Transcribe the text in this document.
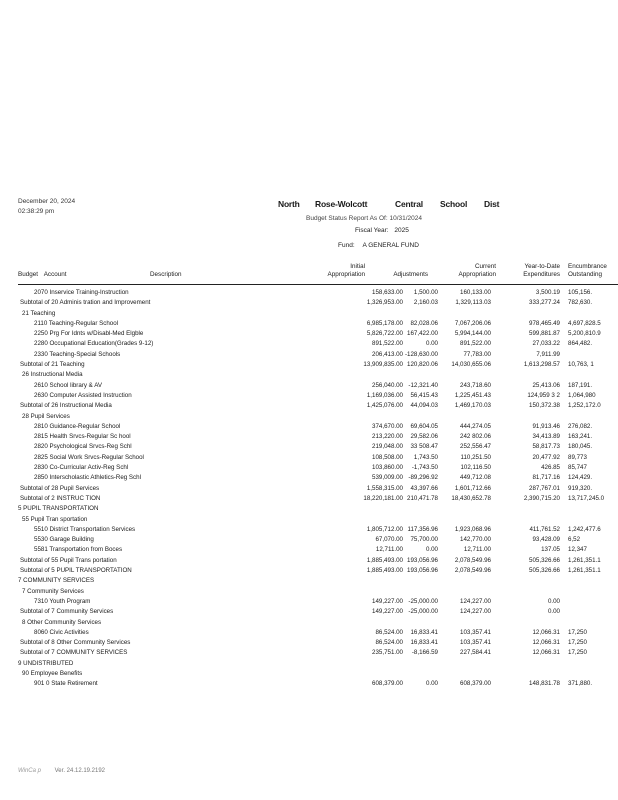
December 20, 2024
02:38:29 pm
North Rose-Wolcott	Central School Dist
Budget Status Report As Of: 10/31/2024
Fiscal Year: 2025
Fund: A GENERAL FUND
Budget Account	Description
Initial
Appropriation	Adjustments
Current
Appropriation
Year-to-Date
Expenditures
Encumbrance
Outstanding
2070 Inservice Training-Instruction	158,633.00 1,500.00	160,133.00	3,500.19 105,156.
Subtotal of 20 Adminis tration and Improvement	1,326,953.00 2,160.03	1,329,113.03	333,277.24 782,630.
21 Teaching
2110 Teaching-Regular School	6,985,178.00 82,028.06	7,067,206.06	978,465.49 4,697,828.5
2250 Prg For Idnts w/Disabl-Med Elgble	5,826,722.00 167,422.00	5,994,144.00	599,881.87 5,200,810.9
2280 Occupational Education(Grades 9-12)	891,522.00	0.00	891,522.00	27,033.22 864,482.
2330 Teaching-Special Schools	206,413.00 -128,630.00	77,783.00	7,911.99
Subtotal of 21 Teaching	13,909,835.00 120,820.06 14,030,655.06	1,613,298.57 10,763, 1
26 Instructional Media
2610 School library & AV	256,040.00 -12,321.40	243,718.60	25,413.06 187,191.
2630 Computer Assisted Instruction	1,169,036.00 56,415.43	1,225,451.43	124,959 3 2 1,064,980
Subtotal of 26 Instructional Media	1,425,076.00 44,094.03	1,469,170.03	150,372.38 1,252,172.0
28 Pupil Services
2810 Guidance-Regular School	374,670.00 69,604.05	444,274.05	91,913.46 276,082.
2815 Health Srvcs-Regular Sc hool	213,220.00 29,582.06	242 802.06	34,413.89 163,241.
2820 Psychological Srvcs-Reg Schl	219,048.00 33 508.47	252,556.47	58,817.73 180,045.
2825 Social Work Srvcs-Regular School	108,508.00 1,743.50	110,251.50	20,477.92 89,773
2830 Co-Curricular Activ-Reg Schl	103,860.00 -1,743.50	102,116.50	426.85 85,747
2850 Interscholastic Athletics-Reg Schl	539,009.00 -89,296.92	449,712.08	81,717.16 124,429.
Subtotal of 28 Pupil Services	1,558,315.00 43,397.66	1,601,712.66	287,767.01 919,320.
Subtotal of 2 INSTRUC TION	18,220,181.00 210,471.78 18,430,652.78	2,390,715.20 13,717,245.0
5 PUPIL TRANSPORTATION
55 Pupil Tran sportation
5510 District Transportation Services	1,805,712.00 117,356.96	1,923,068.96	411,761.52 1,242,477.6
5530 Garage Building	67,070.00 75,700.00	142,770.00	93,428.09 6,52
5581 Transportation from Boces	12,711.00	0.00	12,711.00	137.05 12,347
Subtotal of 55 Pupil Trans portation	1,885,493.00 193,056.96	2,078,549.96	505,326.66 1,261,351.1
Subtotal of 5 PUPIL TRANSPORTATION	1,885,493.00 193,056.96	2,078,549.96	505,326.66 1,261,351.1
7 COMMUNITY SERVICES
7 Community Services
7310 Youth Program	149,227.00 -25,000.00	124,227.00	0.00
Subtotal of 7 Community Services	149,227.00 -25,000.00	124,227.00	0.00
8 Other Community Services
8060 Civic Activities	86,524.00 16,833.41	103,357.41	12,066.31 17,250
Subtotal of 8 Other Community Services	86,524.00 16,833.41	103,357.41	12,066.31 17,250
Subtotal of 7 COMMUNITY SERVICES	235,751.00 -8,166.59	227,584.41	12,066.31 17,250
9 UNDISTRIBUTED
90 Employee Benefits
901 0 State Retirement	608,379.00	0.00	608,379.00	148,831.78 371,880.
WinCa p Ver. 24.12.19.2192
